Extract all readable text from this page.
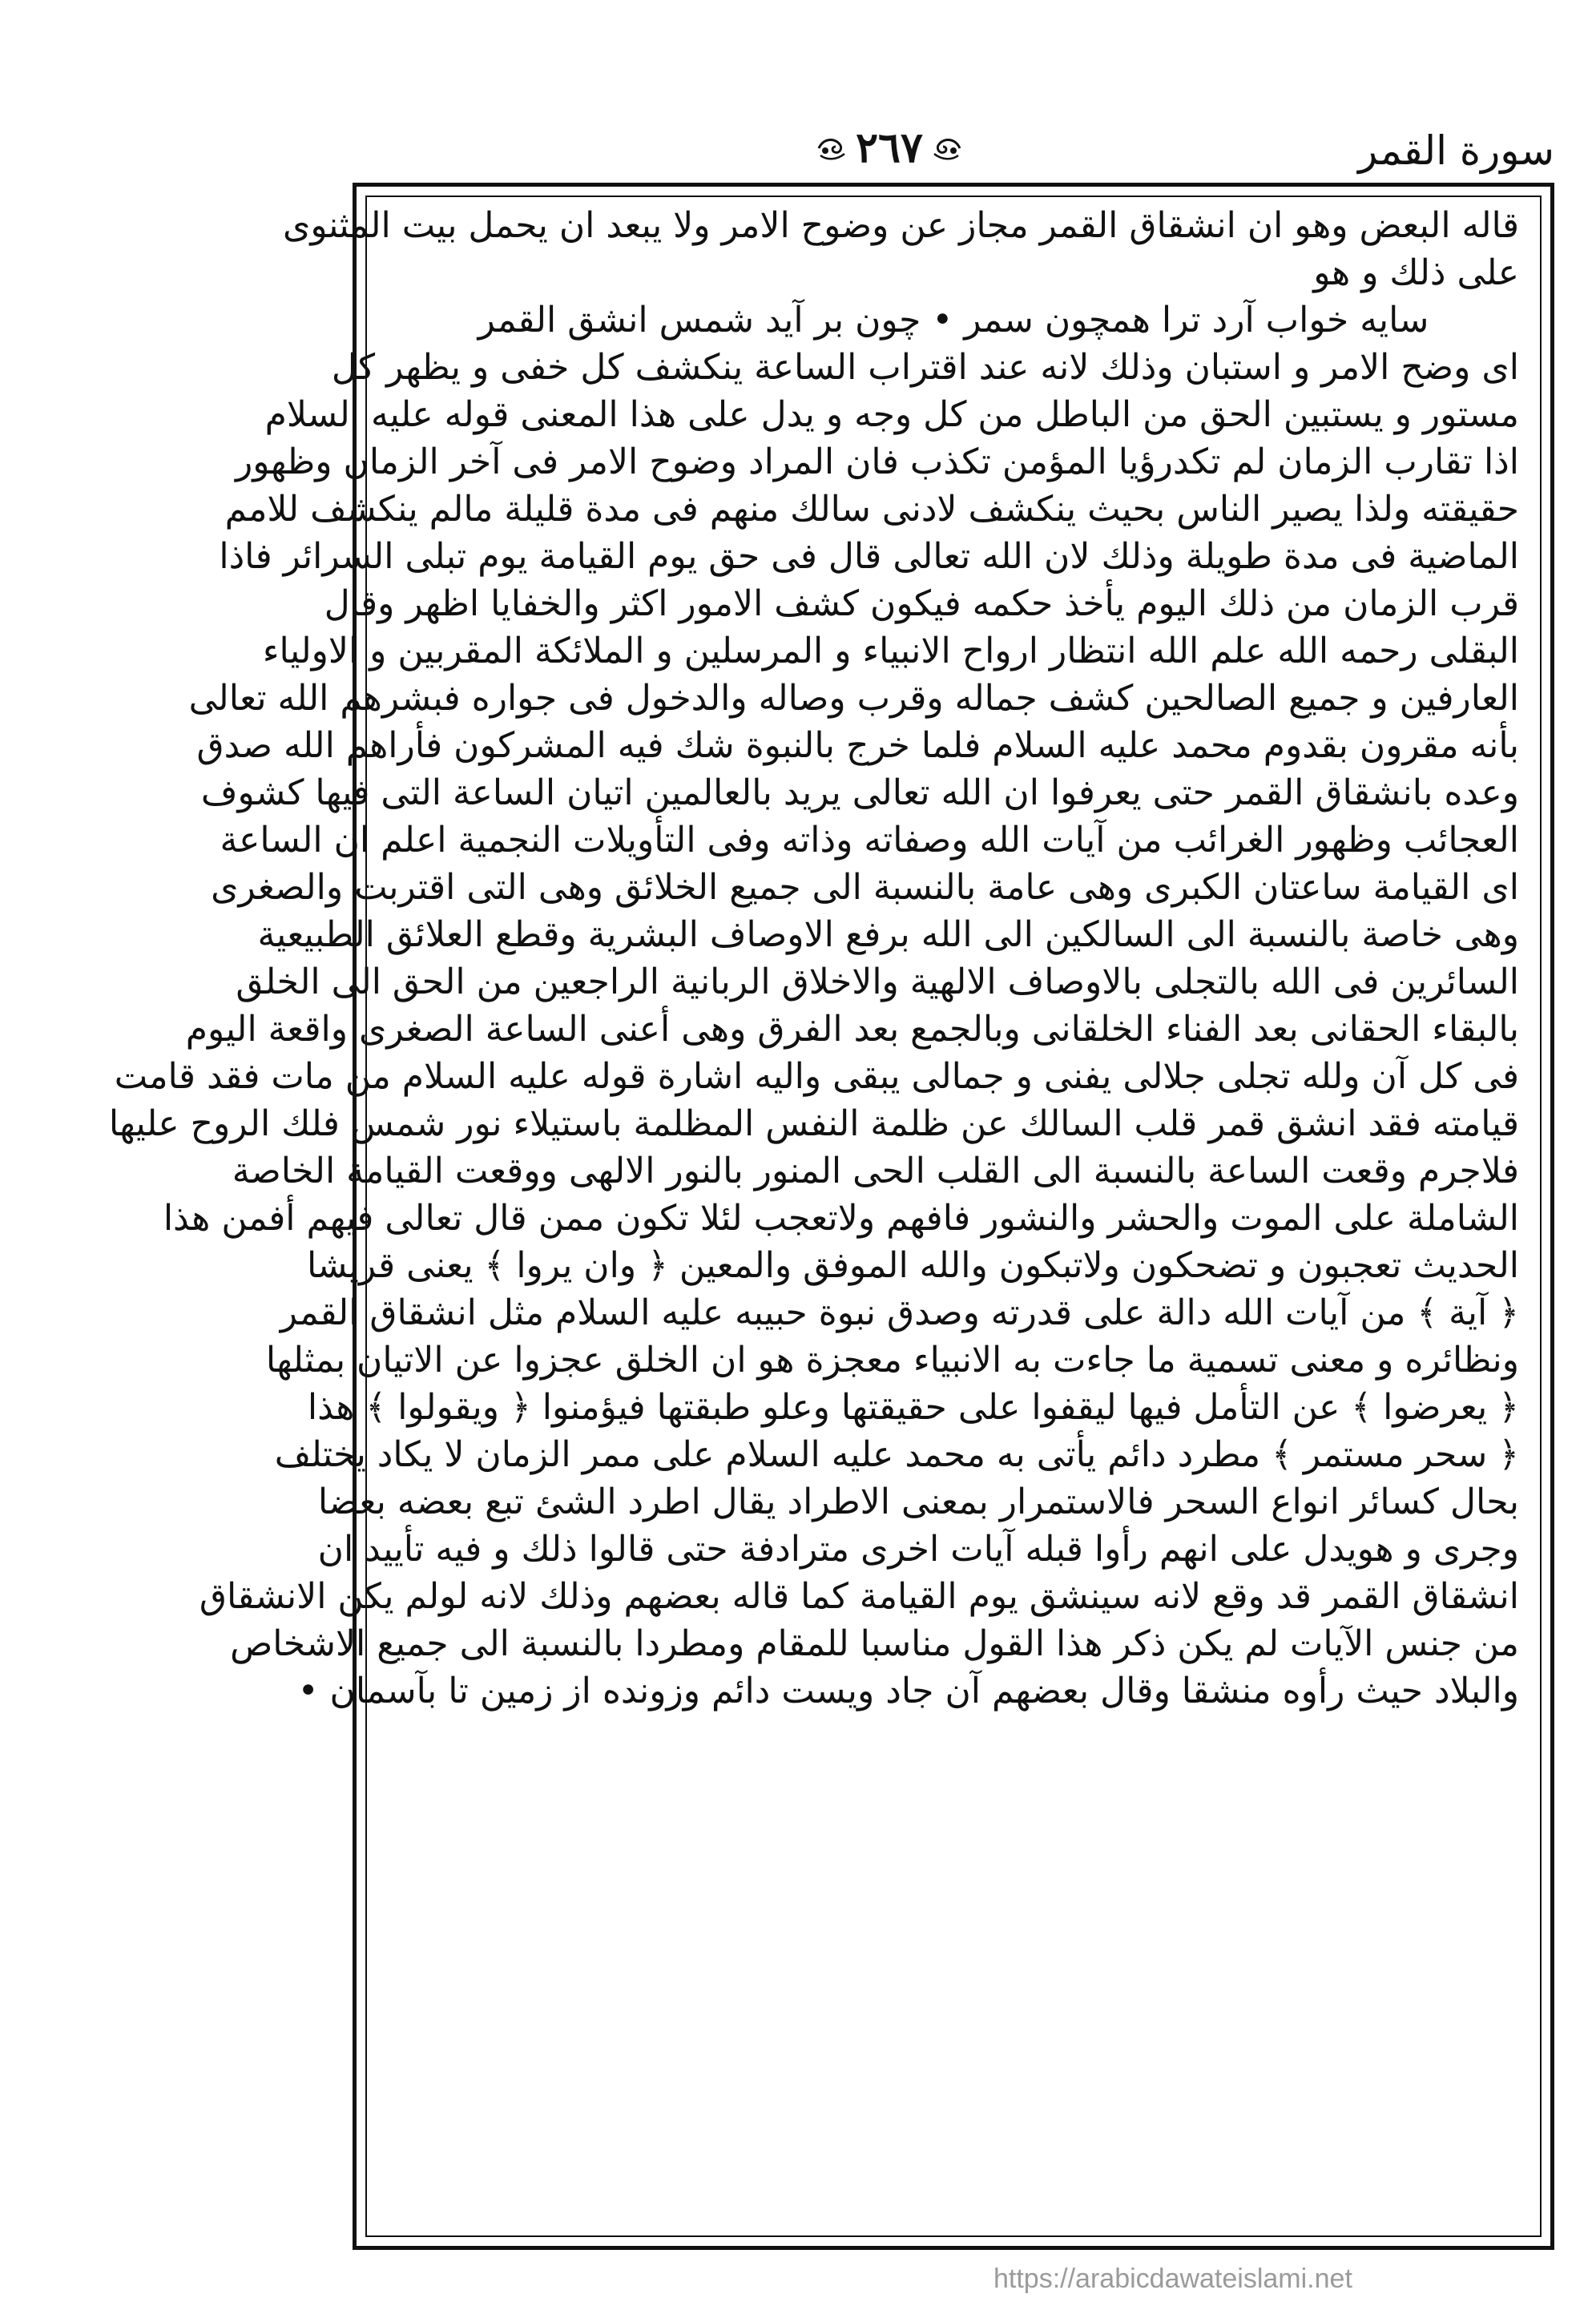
سورة القمر
٢٦٧
قاله البعض وهو ان انشقاق القمر مجاز عن وضوح الامر ولا يبعد ان يحمل بيت المثنوى
على ذلك و هو
سايه خواب آرد ترا همچون سمر • چون بر آيد شمس انشق القمر
اى وضح الامر و استبان وذلك لانه عند اقتراب الساعة ينكشف كل خفى و يظهر كل
مستور و يستبين الحق من الباطل من كل وجه و يدل على هذا المعنى قوله عليه السلام
اذا تقارب الزمان لم تكدرؤيا المؤمن تكذب فان المراد وضوح الامر فى آخر الزمان وظهور
حقيقته ولذا يصير الناس بحيث ينكشف لادنى سالك منهم فى مدة قليلة مالم ينكشف للامم
الماضية فى مدة طويلة وذلك لان الله تعالى قال فى حق يوم القيامة يوم تبلى السرائر فاذا
قرب الزمان من ذلك اليوم يأخذ حكمه فيكون كشف الامور اكثر والخفايا اظهر وقال
البقلى رحمه الله علم الله انتظار ارواح الانبياء و المرسلين و الملائكة المقربين و الاولياء
العارفين و جميع الصالحين كشف جماله وقرب وصاله والدخول فى جواره فبشرهم الله تعالى
بأنه مقرون بقدوم محمد عليه السلام فلما خرج بالنبوة شك فيه المشركون فأراهم الله صدق
وعده بانشقاق القمر حتى يعرفوا ان الله تعالى يريد بالعالمين اتيان الساعة التى فيها كشوف
العجائب وظهور الغرائب من آيات الله وصفاته وذاته وفى التأويلات النجمية اعلم ان الساعة
اى القيامة ساعتان الكبرى وهى عامة بالنسبة الى جميع الخلائق وهى التى اقتربت والصغرى
وهى خاصة بالنسبة الى السالكين الى الله برفع الاوصاف البشرية وقطع العلائق الطبيعية
السائرين فى الله بالتجلى بالاوصاف الالهية والاخلاق الربانية الراجعين من الحق الى الخلق
بالبقاء الحقانى بعد الفناء الخلقانى وبالجمع بعد الفرق وهى أعنى الساعة الصغرى واقعة اليوم
فى كل آن ولله تجلى جلالى يفنى و جمالى يبقى واليه اشارة قوله عليه السلام من مات فقد قامت
قيامته فقد انشق قمر قلب السالك عن ظلمة النفس المظلمة باستيلاء نور شمس فلك الروح عليها
فلاجرم وقعت الساعة بالنسبة الى القلب الحى المنور بالنور الالهى ووقعت القيامة الخاصة
الشاملة على الموت والحشر والنشور فافهم ولاتعجب لئلا تكون ممن قال تعالى فيهم أفمن هذا
الحديث تعجبون و تضحكون ولاتبكون والله الموفق والمعين ﴿ وان يروا ﴾ يعنى قريشا
﴿ آية ﴾ من آيات الله دالة على قدرته وصدق نبوة حبيبه عليه السلام مثل انشقاق القمر
ونظائره و معنى تسمية ما جاءت به الانبياء معجزة هو ان الخلق عجزوا عن الاتيان بمثلها
﴿ يعرضوا ﴾ عن التأمل فيها ليقفوا على حقيقتها وعلو طبقتها فيؤمنوا ﴿ ويقولوا ﴾ هذا
﴿ سحر مستمر ﴾ مطرد دائم يأتى به محمد عليه السلام على ممر الزمان لا يكاد يختلف
بحال كسائر انواع السحر فالاستمرار بمعنى الاطراد يقال اطرد الشئ تبع بعضه بعضا
وجرى و هويدل على انهم رأوا قبله آيات اخرى مترادفة حتى قالوا ذلك و فيه تأييد ان
انشقاق القمر قد وقع لانه سينشق يوم القيامة كما قاله بعضهم وذلك لانه لولم يكن الانشقاق
من جنس الآيات لم يكن ذكر هذا القول مناسبا للمقام ومطردا بالنسبة الى جميع الاشخاص
والبلاد حيث رأوه منشقا وقال بعضهم آن جاد ويست دائم وزونده از زمين تا بآسمان •
https://arabicdawateislami.net
